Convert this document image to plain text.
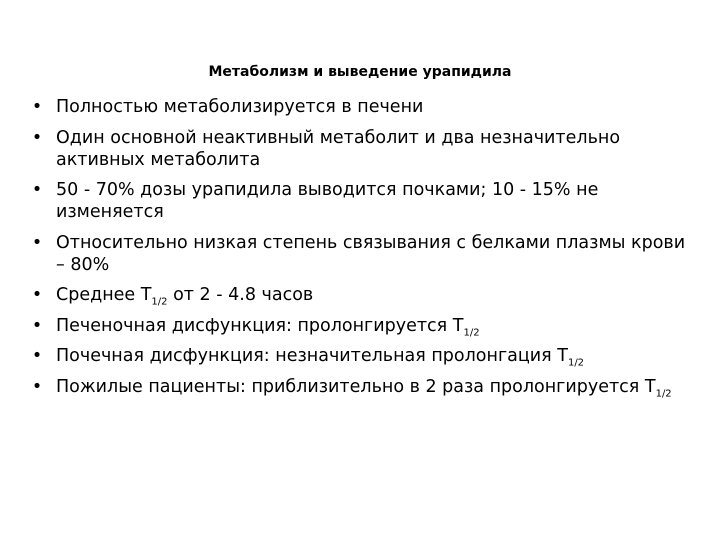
Метаболизм и выведение урапидила
• Полностью метаболизируется в печени
• Один основной неактивный метаболит и два незначительно активных метаболита
• 50 - 70% дозы урапидила выводится почками; 10 - 15% не изменяется
• Относительно низкая степень связывания с белками плазмы крови – 80%
• Среднее $T_{1/2}$ от 2 - 4.8 часов
• Печеночная дисфункция: пролонгируется $T_{1/2}$
• Почечная дисфункция: незначительная пролонгация $T_{1/2}$
• Пожилые пациенты: приблизительно в 2 раза пролонгируется $T_{1/2}$
